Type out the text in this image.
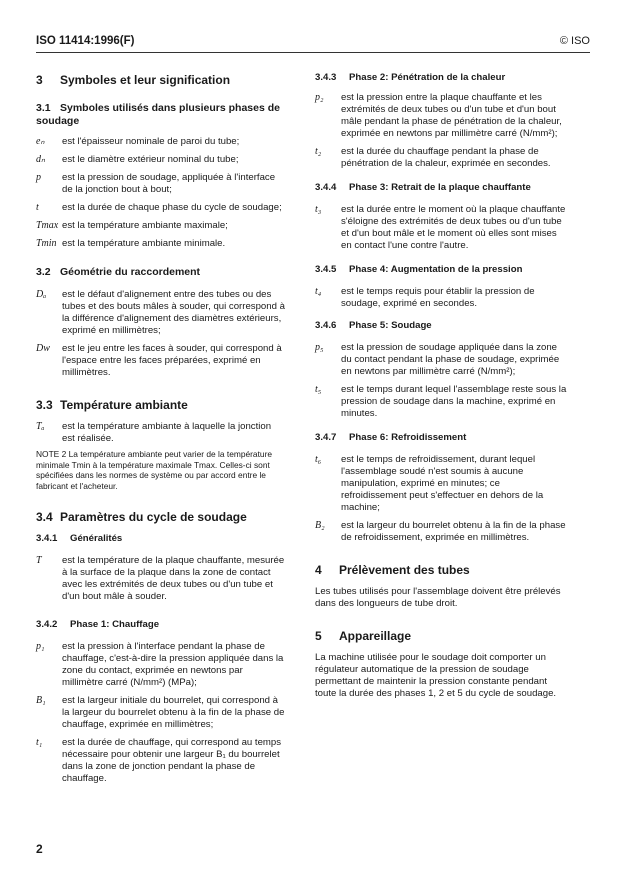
ISO 11414:1996(F)	© ISO
3 Symboles et leur signification
3.1 Symboles utilisés dans plusieurs phases de soudage
eₙ	est l'épaisseur nominale de paroi du tube;
dₙ	est le diamètre extérieur nominal du tube;
p	est la pression de soudage, appliquée à l'interface de la jonction bout à bout;
t	est la durée de chaque phase du cycle de soudage;
Tmax est la température ambiante maximale;
Tmin est la température ambiante minimale.
3.2 Géométrie du raccordement
Dₐ	est le défaut d'alignement entre des tubes ou des tubes et des bouts mâles à souder, qui correspond à la différence d'alignement des diamètres extérieurs, exprimé en millimètres;
Dw	est le jeu entre les faces à souder, qui correspond à l'espace entre les faces préparées, exprimé en millimètres.
3.3 Température ambiante
Tₐ	est la température ambiante à laquelle la jonction est réalisée.
NOTE 2 La température ambiante peut varier de la température minimale Tmin à la température maximale Tmax. Celles-ci sont spécifiées dans les normes de système ou par accord entre le fabricant et l'acheteur.
3.4 Paramètres du cycle de soudage
3.4.1 Généralités
T	est la température de la plaque chauffante, mesurée à la surface de la plaque dans la zone de contact avec les extrémités de deux tubes ou d'un tube et d'un bout mâle à souder.
3.4.2 Phase 1: Chauffage
p₁	est la pression à l'interface pendant la phase de chauffage, c'est-à-dire la pression appliquée dans la zone du contact, exprimée en newtons par millimètre carré (N/mm²) (MPa);
B₁	est la largeur initiale du bourrelet, qui correspond à la largeur du bourrelet obtenu à la fin de la phase de chauffage, exprimée en millimètres;
t₁	est la durée de chauffage, qui correspond au temps nécessaire pour obtenir une largeur B₁ du bourrelet dans la zone de jonction pendant la phase de chauffage.
3.4.3 Phase 2: Pénétration de la chaleur
p₂	est la pression entre la plaque chauffante et les extrémités de deux tubes ou d'un tube et d'un bout mâle pendant la phase de pénétration de la chaleur, exprimée en newtons par millimètre carré (N/mm²);
t₂	est la durée du chauffage pendant la phase de pénétration de la chaleur, exprimée en secondes.
3.4.4 Phase 3: Retrait de la plaque chauffante
t₃	est la durée entre le moment où la plaque chauffante s'éloigne des extrémités de deux tubes ou d'un tube et d'un bout mâle et le moment où elles sont mises en contact l'une contre l'autre.
3.4.5 Phase 4: Augmentation de la pression
t₄	est le temps requis pour établir la pression de soudage, exprimé en secondes.
3.4.6 Phase 5: Soudage
p₅	est la pression de soudage appliquée dans la zone du contact pendant la phase de soudage, exprimée en newtons par millimètre carré (N/mm²);
t₅	est le temps durant lequel l'assemblage reste sous la pression de soudage dans la machine, exprimé en minutes.
3.4.7 Phase 6: Refroidissement
t₆	est le temps de refroidissement, durant lequel l'assemblage soudé n'est soumis à aucune manipulation, exprimé en minutes; ce refroidissement peut s'effectuer en dehors de la machine;
B₂	est la largeur du bourrelet obtenu à la fin de la phase de refroidissement, exprimée en millimètres.
4 Prélèvement des tubes
Les tubes utilisés pour l'assemblage doivent être prélevés dans des longueurs de tube droit.
5 Appareillage
La machine utilisée pour le soudage doit comporter un régulateur automatique de la pression de soudage permettant de maintenir la pression constante pendant toute la durée des phases 1, 2 et 5 du cycle de soudage.
2
